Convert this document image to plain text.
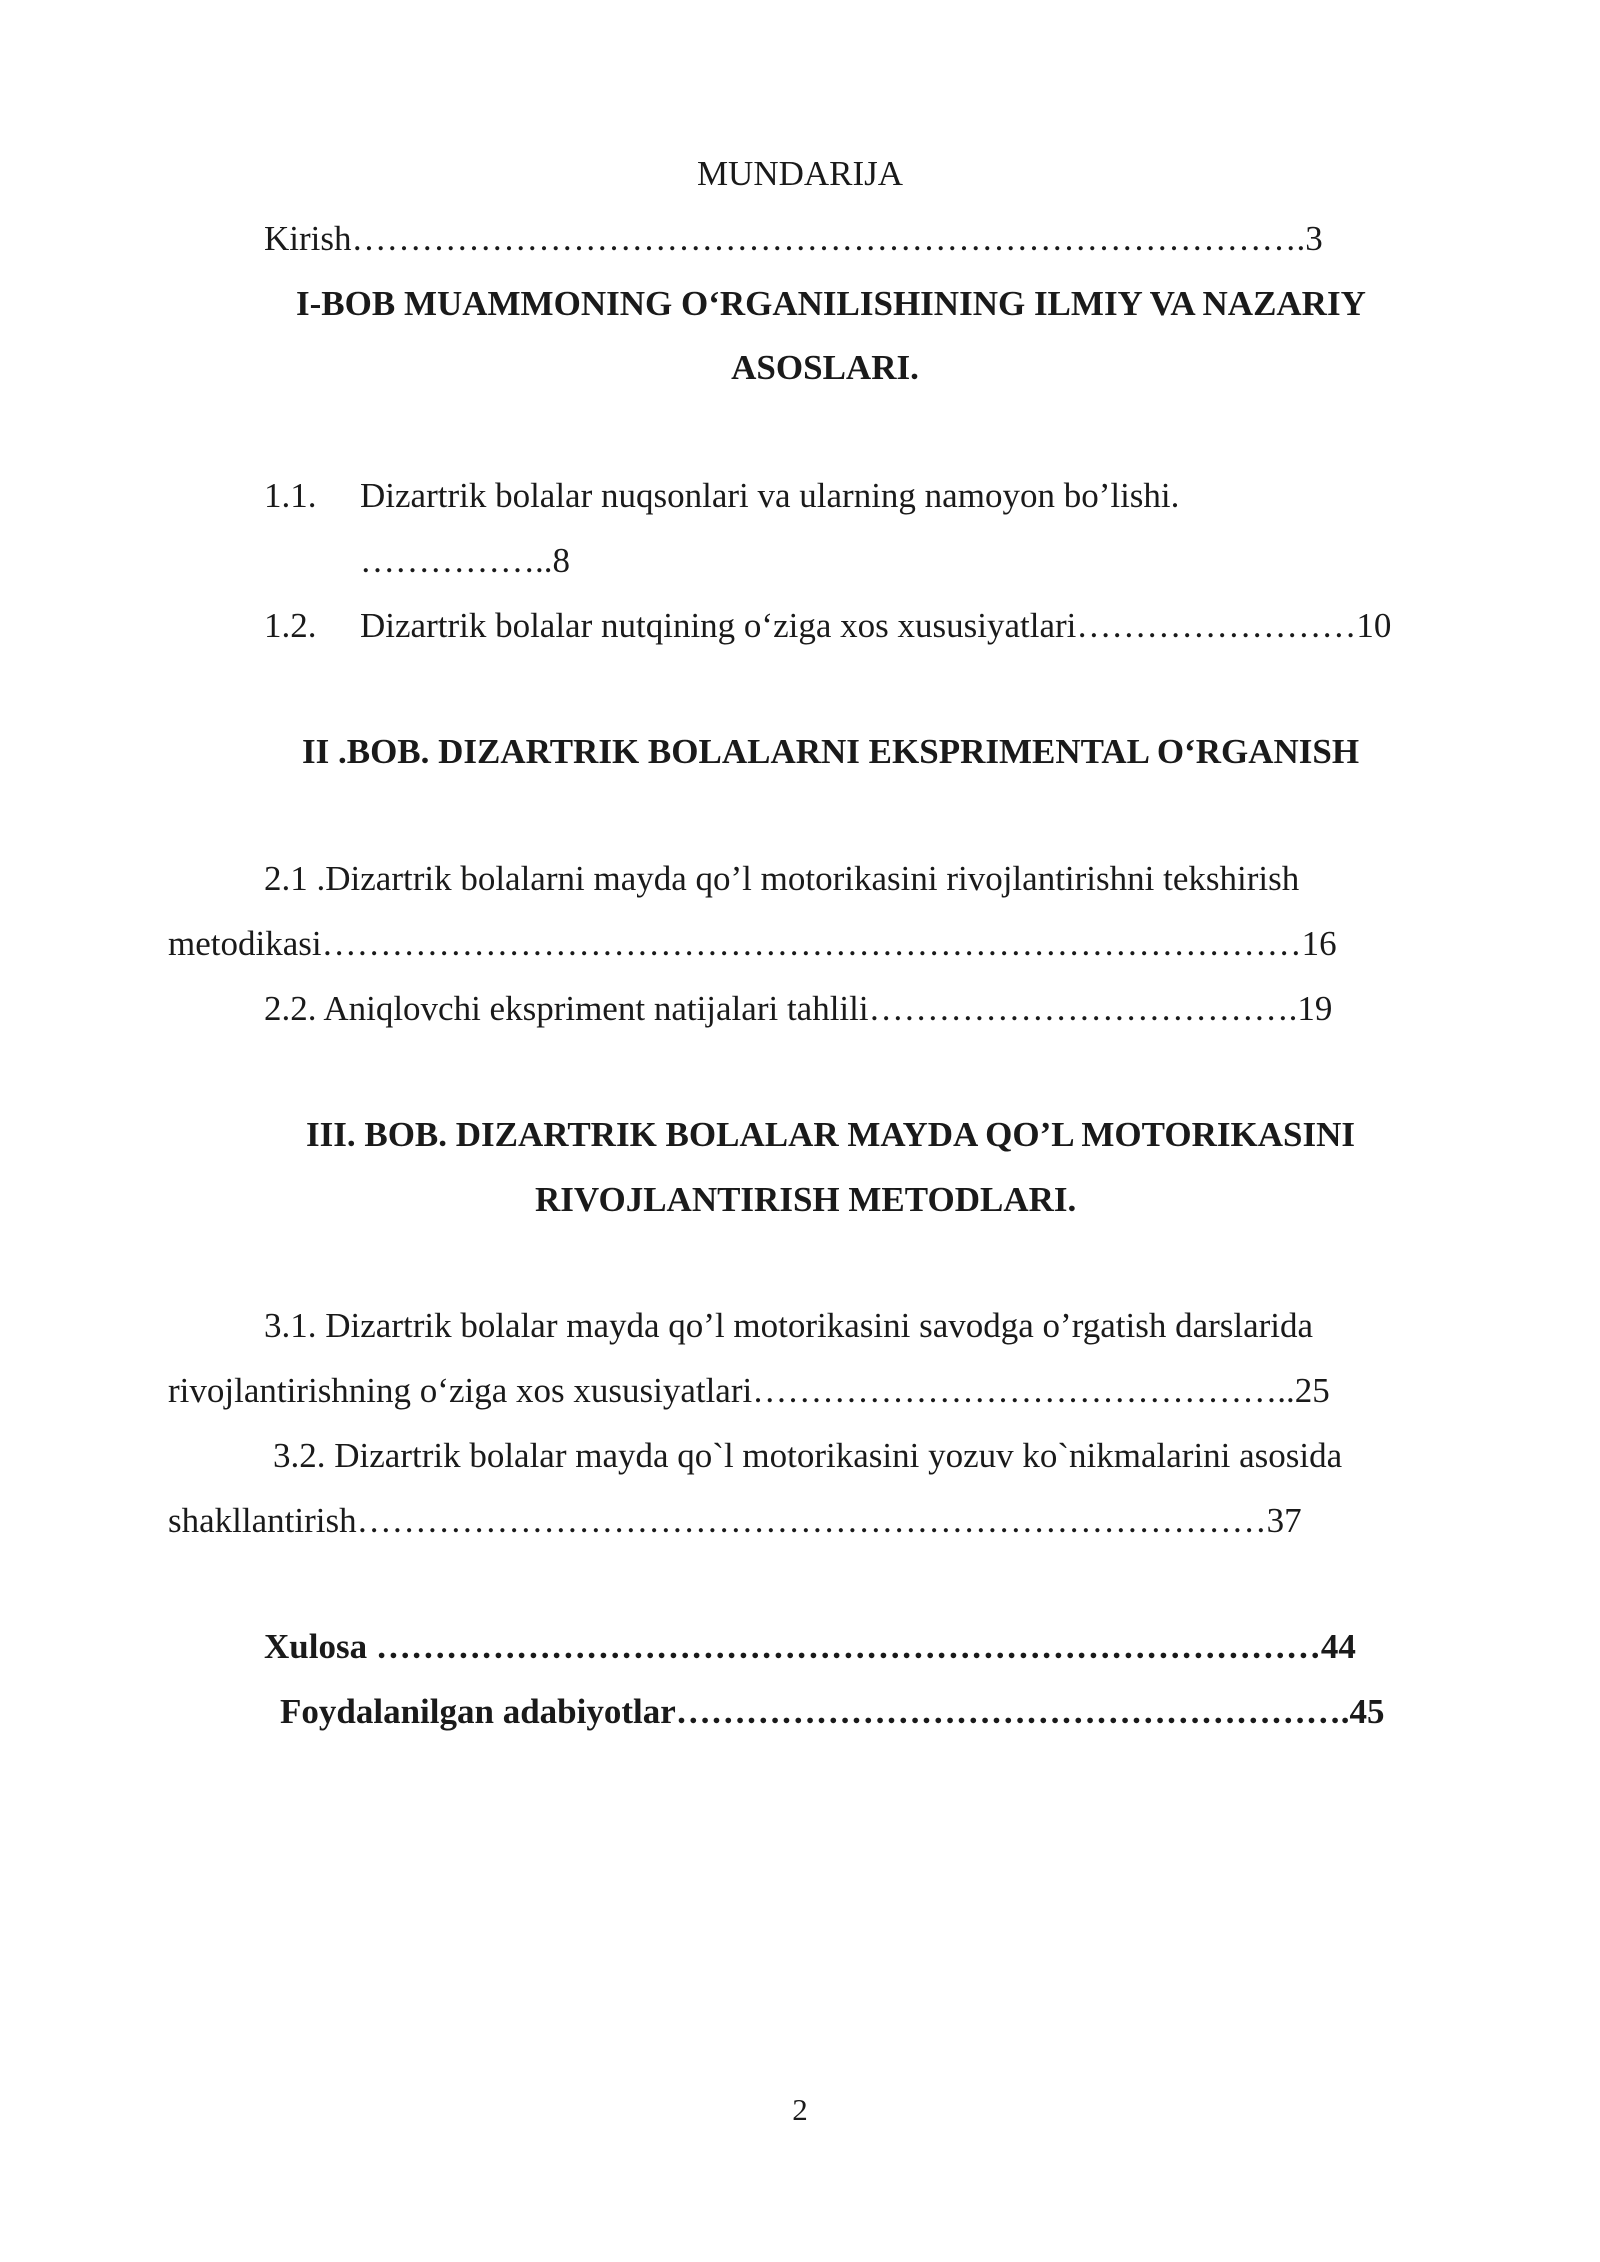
MUNDARIJA
Kirish……………………………………………………………………….3
I-BOB MUAMMONING O‘RGANILISHINING ILMIY VA NAZARIY
ASOSLARI.
1.1. Dizartrik bolalar nuqsonlari va ularning namoyon bo’lishi.
……………..8
1.2. Dizartrik bolalar nutqining o‘ziga xos xususiyatlari……………………10
II .BOB. DIZARTRIK BOLALARNI EKSPRIMENTAL O‘RGANISH
2.1 .Dizartrik bolalarni mayda qo’l motorikasini rivojlantirishni tekshirish
metodikasi…………………………………………………………………………16
2.2. Aniqlovchi ekspriment natijalari tahlili……………………………….19
III. BOB. DIZARTRIK BOLALAR MAYDA QO’L MOTORIKASINI
RIVOJLANTIRISH METODLARI.
3.1. Dizartrik bolalar mayda qo’l motorikasini savodga o’rgatish darslarida
rivojlantirishning o‘ziga xos xususiyatlari………………………………………..25
3.2. Dizartrik bolalar mayda qo`l motorikasini yozuv ko`nikmalarini asosida
shakllantirish……………………………………………………………………37
Xulosa ………………………………………………………………………44
Foydalanilgan adabiyotlar………………………………………………….45
2
